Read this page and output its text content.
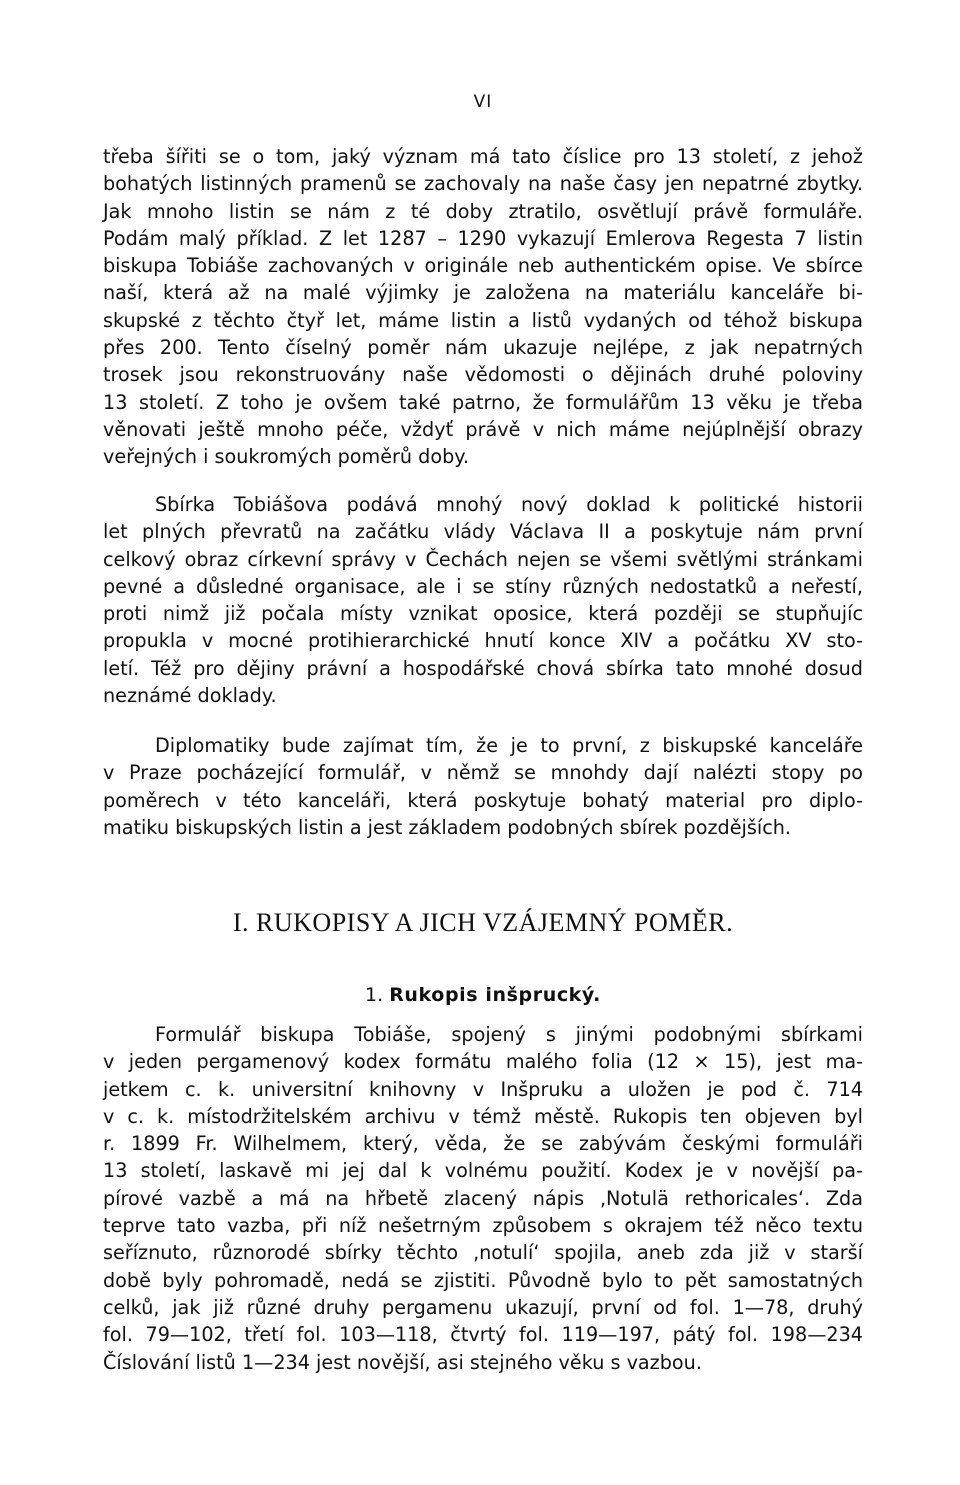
VI
třeba šířiti se o tom, jaký význam má tato číslice pro 13 století, z jehož
bohatých listinných pramenů se zachovaly na naše časy jen nepatrné zbytky.
Jak mnoho listin se nám z té doby ztratilo, osvětlují právě formuláře.
Podám malý příklad. Z let 1287 – 1290 vykazují Emlerova Regesta 7 listin
biskupa Tobiáše zachovaných v originále neb authentickém opise. Ve sbírce
naší, která až na malé výjimky je založena na materiálu kanceláře bi-
skupské z těchto čtyř let, máme listin a listů vydaných od téhož biskupa
přes 200. Tento číselný poměr nám ukazuje nejlépe, z jak nepatrných
trosek jsou rekonstruovány naše vědomosti o dějinách druhé poloviny
13 století. Z toho je ovšem také patrno, že formulářům 13 věku je třeba
věnovati ještě mnoho péče, vždyť právě v nich máme nejúplnější obrazy
veřejných i soukromých poměrů doby.
Sbírka Tobiášova podává mnohý nový doklad k politické historii
let plných převratů na začátku vlády Václava II a poskytuje nám první
celkový obraz církevní správy v Čechách nejen se všemi světlými stránkami
pevné a důsledné organisace, ale i se stíny různých nedostatků a neřestí,
proti nimž již počala místy vznikat oposice, která později se stupňujíc
propukla v mocné protihierarchické hnutí konce XIV a počátku XV sto-
letí. Též pro dějiny právní a hospodářské chová sbírka tato mnohé dosud
neznámé doklady.
Diplomatiky bude zajímat tím, že je to první, z biskupské kanceláře
v Praze pocházející formulář, v němž se mnohdy dají nalézti stopy po
poměrech v této kanceláři, která poskytuje bohatý material pro diplo-
matiku biskupských listin a jest základem podobných sbírek pozdějších.
I. RUKOPISY A JICH VZÁJEMNÝ POMĚR.
1. Rukopis inšprucký.
Formulář biskupa Tobiáše, spojený s jinými podobnými sbírkami
v jeden pergamenový kodex formátu malého folia (12 × 15), jest ma-
jetkem c. k. universitní knihovny v Inšpruku a uložen je pod č. 714
v c. k. místodržitelském archivu v témž městě. Rukopis ten objeven byl
r. 1899 Fr. Wilhelmem, který, věda, že se zabývám českými formuláři
13 století, laskavě mi jej dal k volnému použití. Kodex je v novější pa-
pírové vazbě a má na hřbetě zlacený nápis ‚Notulä rethoricales‘. Zda
teprve tato vazba, při níž nešetrným způsobem s okrajem též něco textu
seříznuto, různorodé sbírky těchto ‚notulí‘ spojila, aneb zda již v starší
době byly pohromadě, nedá se zjistiti. Původně bylo to pět samostatných
celků, jak již různé druhy pergamenu ukazují, první od fol. 1—78, druhý
fol. 79—102, třetí fol. 103—118, čtvrtý fol. 119—197, pátý fol. 198—234
Číslování listů 1—234 jest novější, asi stejného věku s vazbou.
